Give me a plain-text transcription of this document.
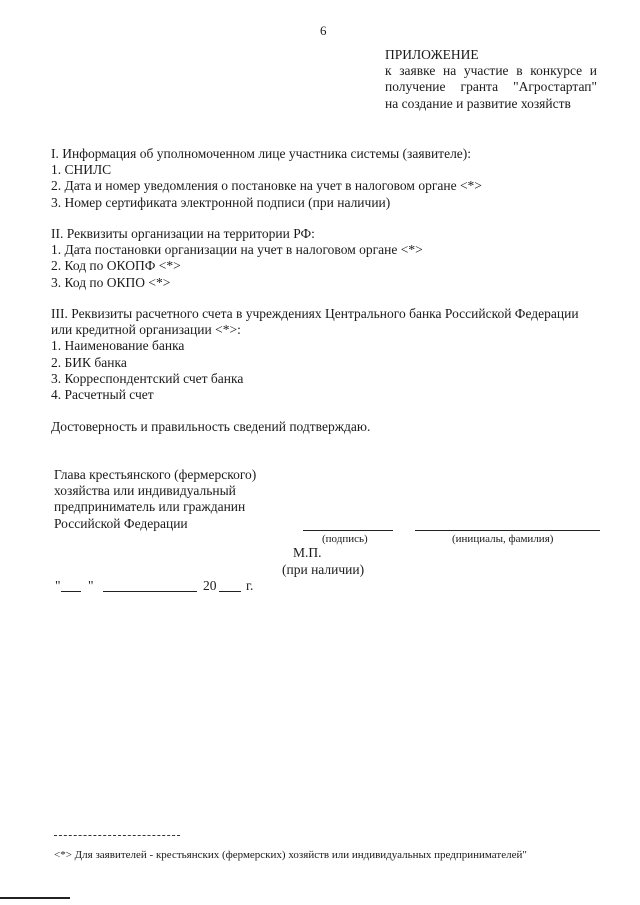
6
ПРИЛОЖЕНИЕ
к заявке на участие в конкурсе и
получение гранта "Агростартап"
на создание и развитие хозяйств
I. Информация об уполномоченном лице участника системы (заявителе):
1. СНИЛС
2. Дата и номер уведомления о постановке на учет в налоговом органе <*>
3. Номер сертификата электронной подписи (при наличии)
II. Реквизиты организации на территории РФ:
1. Дата постановки организации на учет в налоговом органе <*>
2. Код по ОКОПФ <*>
3. Код по ОКПО <*>
III. Реквизиты расчетного счета в учреждениях Центрального банка Российской Федерации
или кредитной организации <*>:
1. Наименование банка
2. БИК банка
3. Корреспондентский счет банка
4. Расчетный счет
Достоверность и правильность сведений подтверждаю.
Глава крестьянского (фермерского)
хозяйства или индивидуальный
предприниматель или гражданин
Российской Федерации
(подпись)	(инициалы, фамилия)
М.П.
(при наличии)
" "	20 г.
<*> Для заявителей - крестьянских (фермерских) хозяйств или индивидуальных предпринимателей"
